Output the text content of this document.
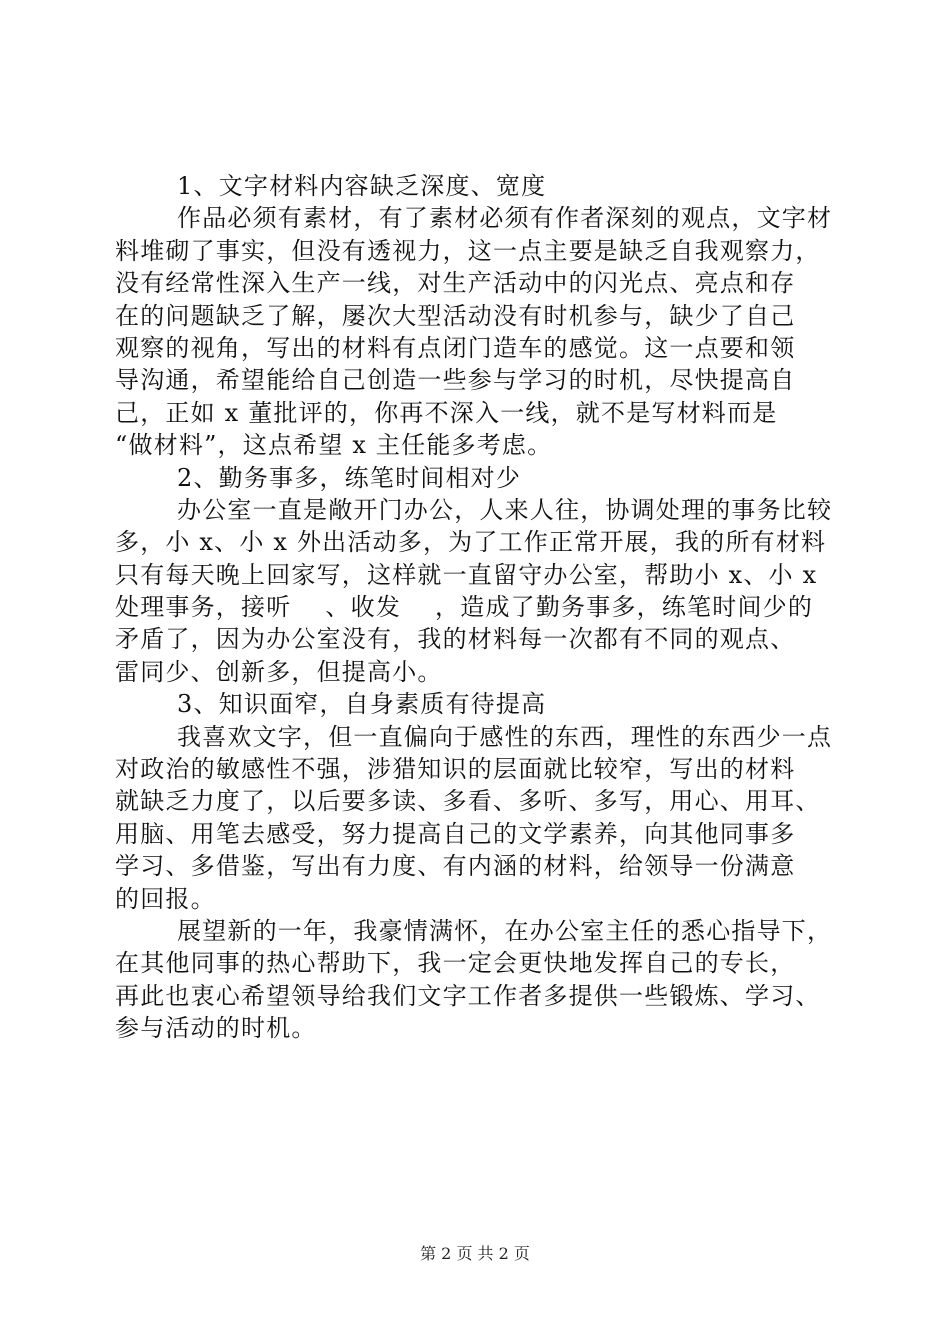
1、文字材料内容缺乏深度、宽度
作品必须有素材，有了素材必须有作者深刻的观点，文字材
料堆砌了事实，但没有透视力，这一点主要是缺乏自我观察力，
没有经常性深入生产一线，对生产活动中的闪光点、亮点和存
在的问题缺乏了解，屡次大型活动没有时机参与，缺少了自己
观察的视角，写出的材料有点闭门造车的感觉。这一点要和领
导沟通，希望能给自己创造一些参与学习的时机，尽快提高自
己，正如 x 董批评的，你再不深入一线，就不是写材料而是
“做材料”，这点希望 x 主任能多考虑。
2、勤务事多，练笔时间相对少
办公室一直是敞开门办公，人来人往，协调处理的事务比较
多，小 x、小 x 外出活动多，为了工作正常开展，我的所有材料
只有每天晚上回家写，这样就一直留守办公室，帮助小 x、小 x
处理事务，接听　 、收发　 ，造成了勤务事多，练笔时间少的
矛盾了，因为办公室没有，我的材料每一次都有不同的观点、
雷同少、创新多，但提高小。
3、知识面窄，自身素质有待提高
我喜欢文字，但一直偏向于感性的东西，理性的东西少一点
对政治的敏感性不强，涉猎知识的层面就比较窄，写出的材料
就缺乏力度了，以后要多读、多看、多听、多写，用心、用耳、
用脑、用笔去感受，努力提高自己的文学素养，向其他同事多
学习、多借鉴，写出有力度、有内涵的材料，给领导一份满意
的回报。
展望新的一年，我豪情满怀，在办公室主任的悉心指导下，
在其他同事的热心帮助下，我一定会更快地发挥自己的专长，
再此也衷心希望领导给我们文字工作者多提供一些锻炼、学习、
参与活动的时机。
第 2 页 共 2 页
